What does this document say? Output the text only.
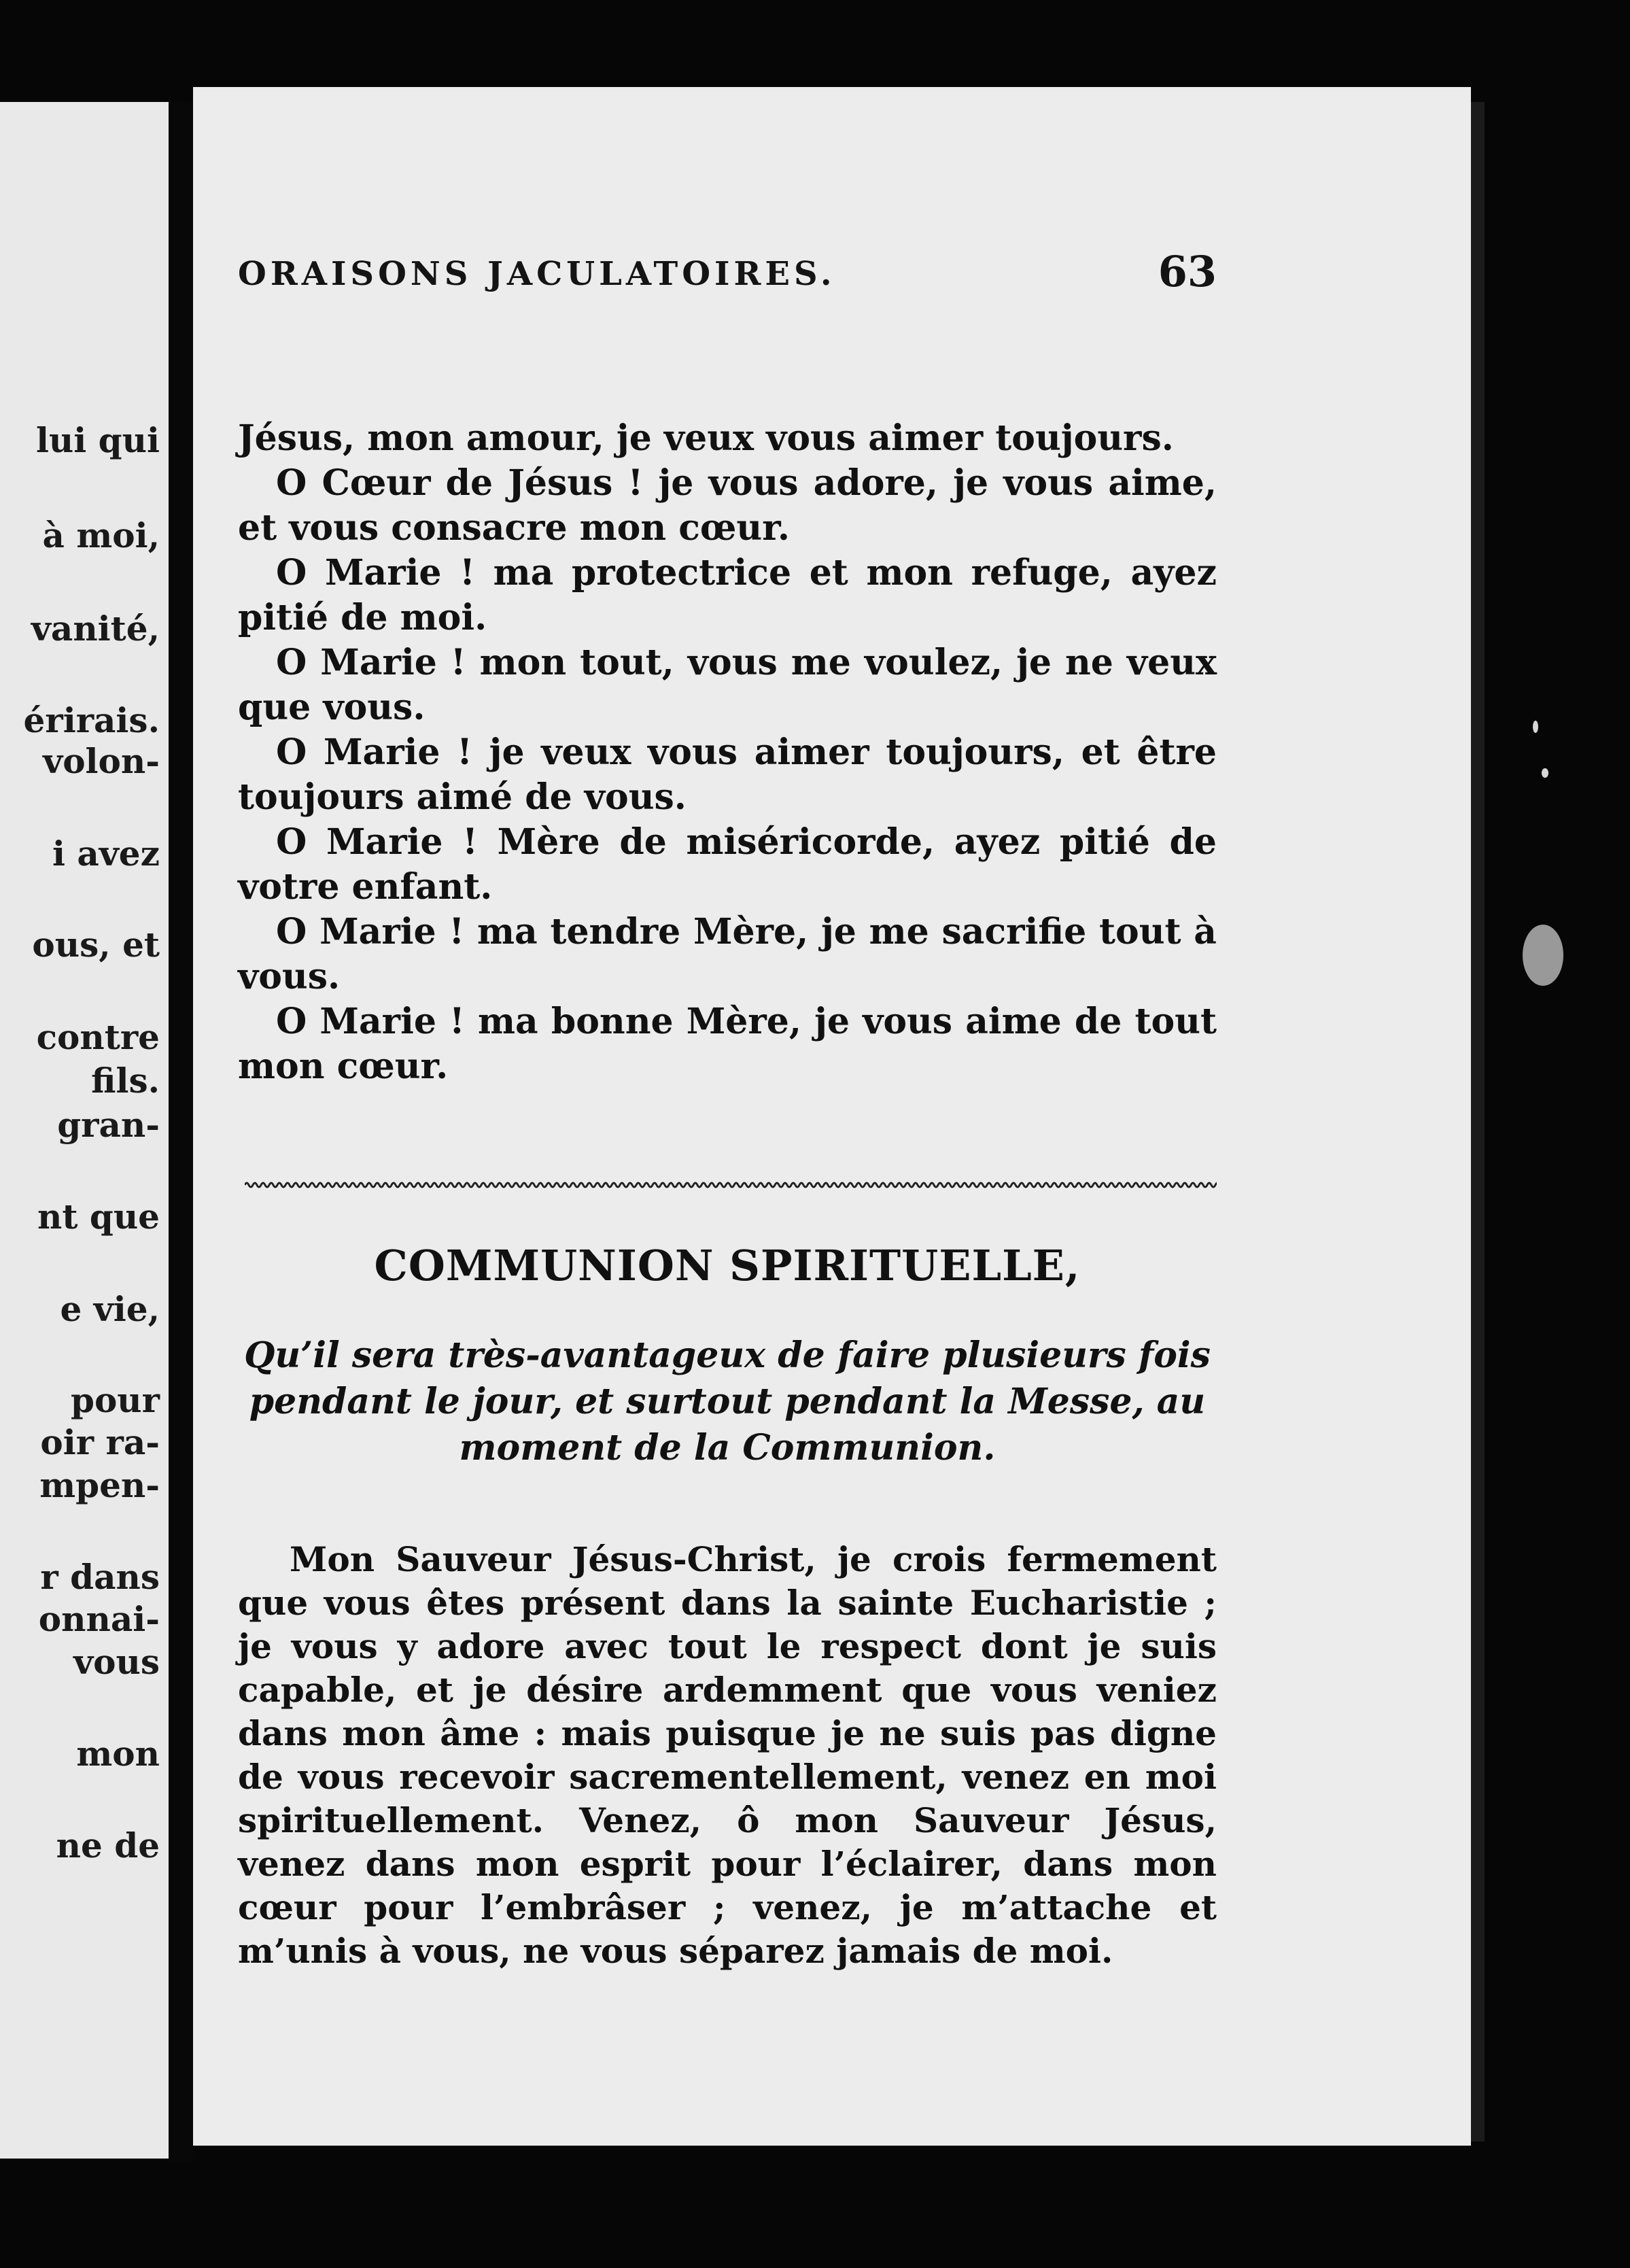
lui qui
à moi,
vanité,
érirais.
volon-
i avez
ous, et
contre
fils.
gran-
nt que
e vie,
pour
oir ra-
mpen-
r dans
onnai-
vous
mon
ne de
ORAISONS JACULATOIRES.	63
Jésus, mon amour, je veux vous aimer toujours.
O Cœur de Jésus ! je vous adore, je vous aime, et vous consacre mon cœur.
O Marie ! ma protectrice et mon refuge, ayez pitié de moi.
O Marie ! mon tout, vous me voulez, je ne veux que vous.
O Marie ! je veux vous aimer toujours, et être toujours aimé de vous.
O Marie ! Mère de miséricorde, ayez pitié de votre enfant.
O Marie ! ma tendre Mère, je me sacrifie tout à vous.
O Marie ! ma bonne Mère, je vous aime de tout mon cœur.
COMMUNION SPIRITUELLE,
Qu’il sera très-avantageux de faire plusieurs fois pendant le jour, et surtout pendant la Messe, au moment de la Communion.
Mon Sauveur Jésus-Christ, je crois fermement que vous êtes présent dans la sainte Eucharistie ; je vous y adore avec tout le respect dont je suis capable, et je désire ardemment que vous veniez dans mon âme : mais puisque je ne suis pas digne de vous recevoir sacrementellement, venez en moi spirituellement. Venez, ô mon Sauveur Jésus, venez dans mon esprit pour l’éclairer, dans mon cœur pour l’embrâser ; venez, je m’attache et m’unis à vous, ne vous séparez jamais de moi.
